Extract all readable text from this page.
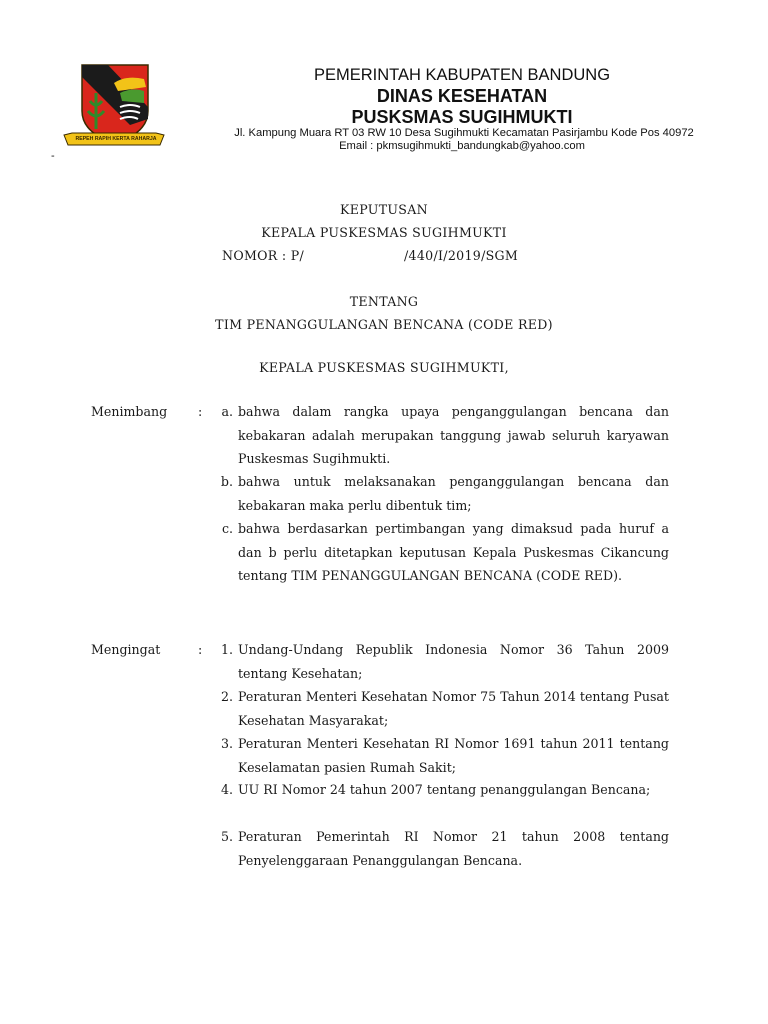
REPEH RAPIH KERTA RAHARJA
PEMERINTAH KABUPATEN BANDUNG
DINAS KESEHATAN
PUSKSMAS SUGIHMUKTI
Jl. Kampung Muara RT 03 RW 10 Desa Sugihmukti Kecamatan Pasirjambu Kode Pos 40972
Email : pkmsugihmukti_bandungkab@yahoo.com
-
KEPUTUSAN
KEPALA PUSKESMAS SUGIHMUKTI
NOMOR : P/	/440/I/2019/SGM
TENTANG
TIM PENANGGULANGAN BENCANA (CODE RED)
KEPALA PUSKESMAS SUGIHMUKTI,
Menimbang :	a. bahwa dalam rangka upaya penganggulangan bencana dan kebakaran adalah merupakan tanggung jawab seluruh karyawan Puskesmas Sugihmukti.
b. bahwa untuk melaksanakan penganggulangan bencana dan kebakaran maka perlu dibentuk tim;
c. bahwa berdasarkan pertimbangan yang dimaksud pada huruf a dan b perlu ditetapkan keputusan Kepala Puskesmas Cikancung tentang TIM PENANGGULANGAN BENCANA (CODE RED).
Mengingat	:	1. Undang-Undang Republik Indonesia Nomor 36 Tahun 2009 tentang Kesehatan;
2. Peraturan Menteri Kesehatan Nomor 75 Tahun 2014 tentang Pusat Kesehatan Masyarakat;
3. Peraturan Menteri Kesehatan RI Nomor 1691 tahun 2011 tentang Keselamatan pasien Rumah Sakit;
4. UU RI Nomor 24 tahun 2007 tentang penanggulangan Bencana;
5. Peraturan Pemerintah RI Nomor 21 tahun 2008 tentang Penyelenggaraan Penanggulangan Bencana.
